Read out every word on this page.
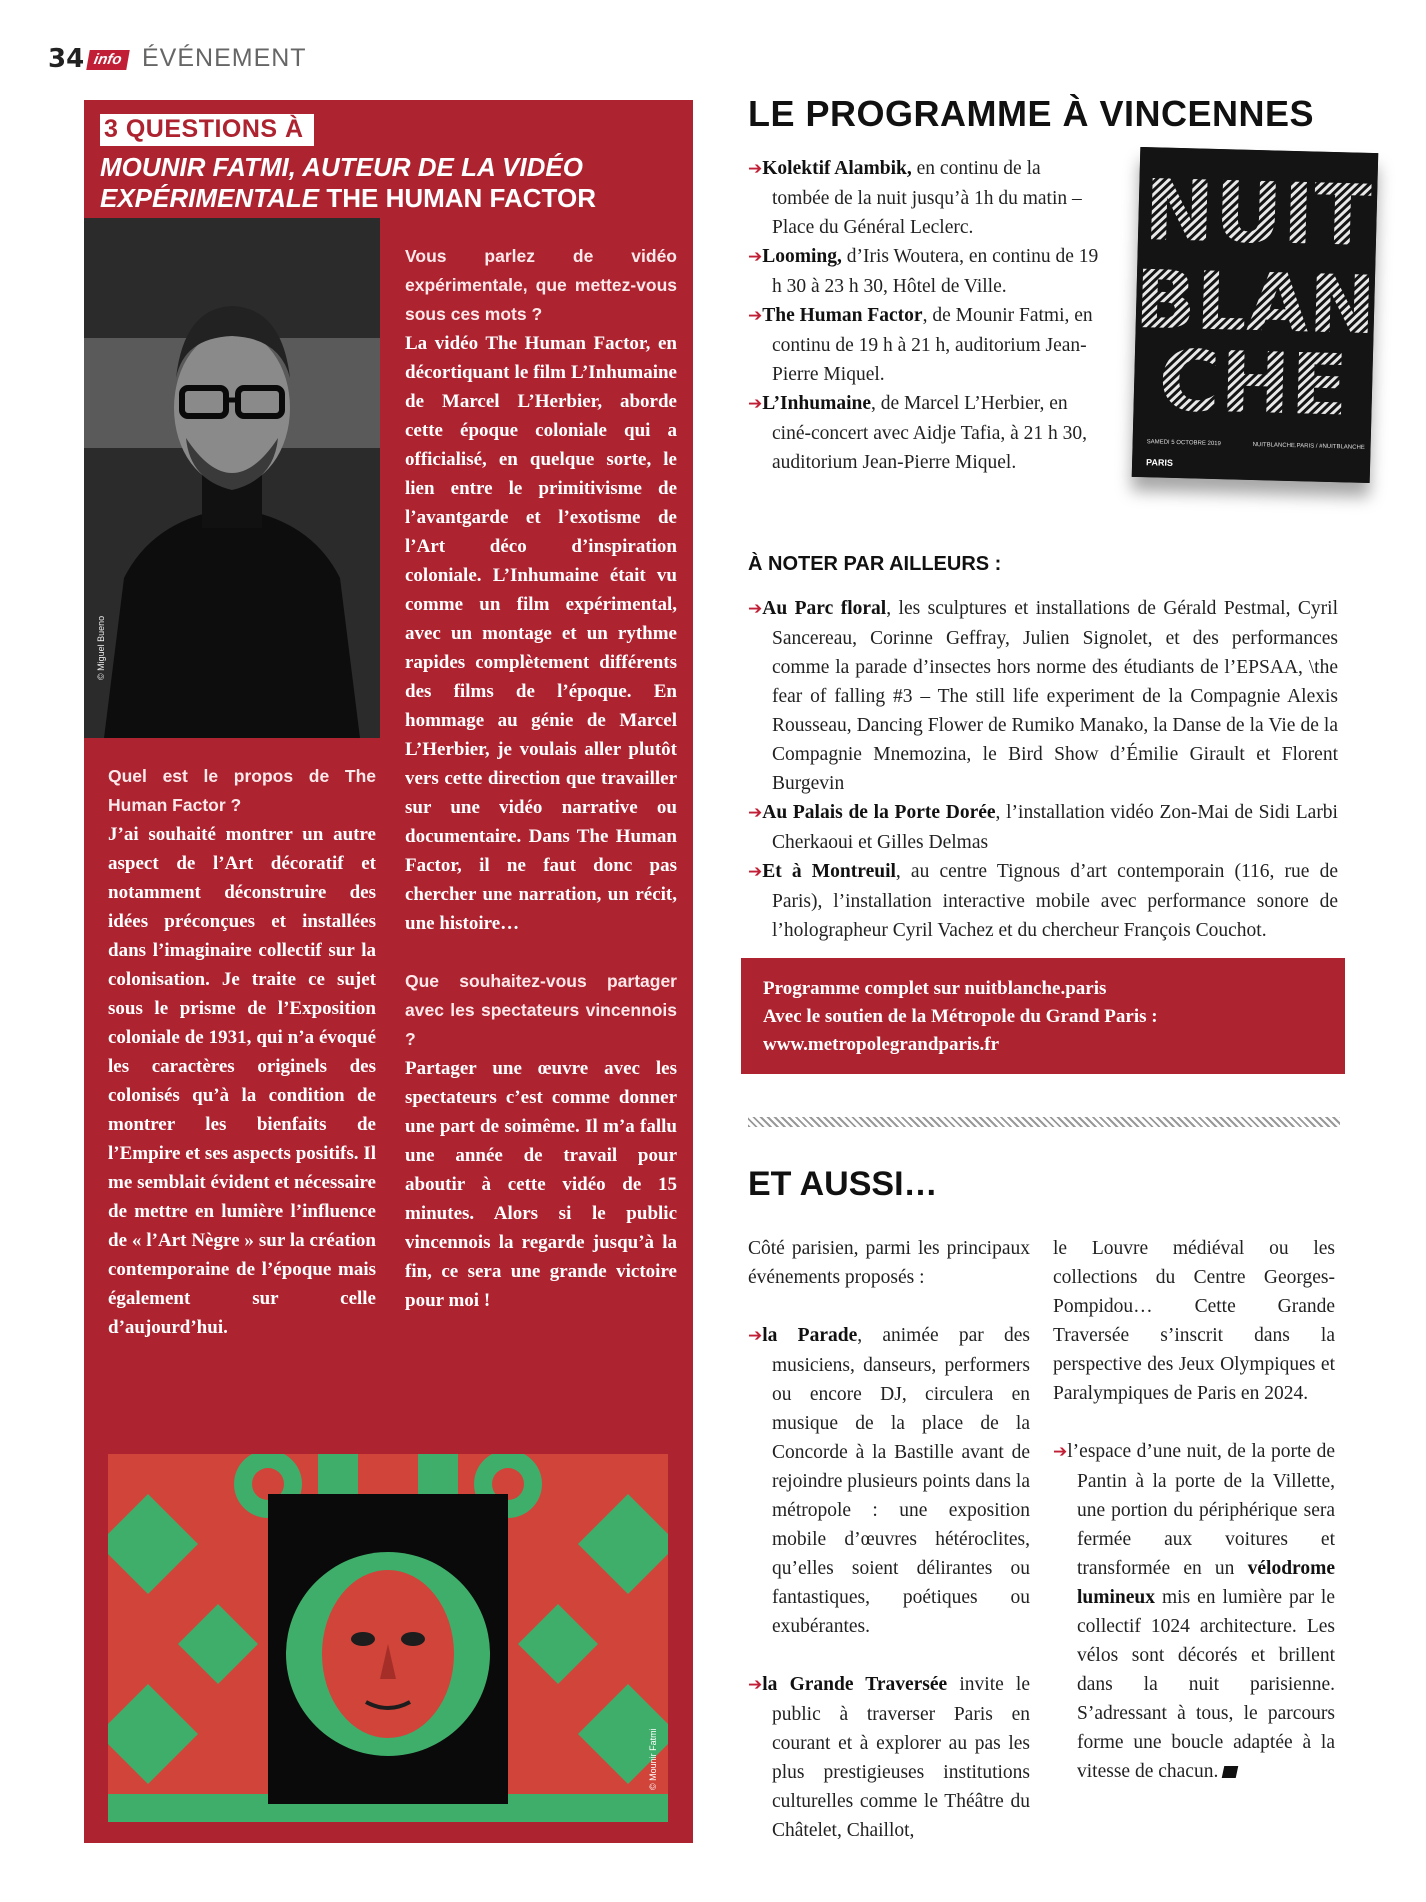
34 info ÉVÉNEMENT
3 QUESTIONS À
MOUNIR FATMI, AUTEUR DE LA VIDÉO EXPÉRIMENTALE THE HUMAN FACTOR
© Miguel Bueno

Quel est le propos de The Human Factor ?

J’ai souhaité montrer un autre aspect de l’Art décoratif et notamment déconstruire des idées préconçues et installées dans l’imaginaire collectif sur la colonisation. Je traite ce sujet sous le prisme de l’Exposition coloniale de 1931, qui n’a évoqué les caractères originels des colonisés qu’à la condition de montrer les bienfaits de l’Empire et ses aspects positifs. Il me semblait évident et nécessaire de mettre en lumière l’influence de « l’Art Nègre » sur la création contemporaine de l’époque mais également sur celle d’aujourd’hui.

Vous parlez de vidéo expérimentale, que mettez-vous sous ces mots ?

La vidéo The Human Factor, en décortiquant le film L’Inhumaine de Marcel L’Herbier, aborde cette époque coloniale qui a officialisé, en quelque sorte, le lien entre le primitivisme de l’avantgarde et l’exotisme de l’Art déco d’inspiration coloniale. L’Inhumaine était vu comme un film expérimental, avec un montage et un rythme rapides complètement différents des films de l’époque. En hommage au génie de Marcel L’Herbier, je voulais aller plutôt vers cette direction que travailler sur une vidéo narrative ou documentaire. Dans The Human Factor, il ne faut donc pas chercher une narration, un récit, une histoire…

Que souhaitez-vous partager avec les spectateurs vincennois ?

Partager une œuvre avec les spectateurs c’est comme donner une part de soimême. Il m’a fallu une année de travail pour aboutir à cette vidéo de 15 minutes. Alors si le public vincennois la regarde jusqu’à la fin, ce sera une grande victoire pour moi !

© Mounir Fatmi
LE PROGRAMME À VINCENNES
➔Kolektif Alambik, en continu de la tombée de la nuit jusqu’à 1h du matin – Place du Général Leclerc.
➔Looming, d’Iris Woutera, en continu de 19 h 30 à 23 h 30, Hôtel de Ville.
➔The Human Factor, de Mounir Fatmi, en continu de 19 h à 21 h, auditorium Jean-Pierre Miquel.
➔L’Inhumaine, de Marcel L’Herbier, en ciné-concert avec Aidje Tafia, à 21 h 30, auditorium Jean-Pierre Miquel.
NUIT
BLAN
CHE
SAMEDI 5 OCTOBRE 2019	NUITBLANCHE.PARIS / #NUITBLANCHE
PARIS
À NOTER PAR AILLEURS :
➔Au Parc floral, les sculptures et installations de Gérald Pestmal, Cyril Sancereau, Corinne Geffray, Julien Signolet, et des performances comme la parade d’insectes hors norme des étudiants de l’EPSAA, \the fear of falling #3 – The still life experiment de la Compagnie Alexis Rousseau, Dancing Flower de Rumiko Manako, la Danse de la Vie de la Compagnie Mnemozina, le Bird Show d’Émilie Girault et Florent Burgevin
➔Au Palais de la Porte Dorée, l’installation vidéo Zon-Mai de Sidi Larbi Cherkaoui et Gilles Delmas
➔Et à Montreuil, au centre Tignous d’art contemporain (116, rue de Paris), l’installation interactive mobile avec performance sonore de l’holographeur Cyril Vachez et du chercheur François Couchot.
Programme complet sur nuitblanche.paris
Avec le soutien de la Métropole du Grand Paris :
www.metropolegrandparis.fr
ET AUSSI…

Côté parisien, parmi les principaux événements proposés :

➔la Parade, animée par des musiciens, danseurs, performers ou encore DJ, circulera en musique de la place de la Concorde à la Bastille avant de rejoindre plusieurs points dans la métropole : une exposition mobile d’œuvres hétéroclites, qu’elles soient délirantes ou fantastiques, poétiques ou exubérantes.

➔la Grande Traversée invite le public à traverser Paris en courant et à explorer au pas les plus prestigieuses institutions culturelles comme le Théâtre du Châtelet, Chaillot,

le Louvre médiéval ou les collections du Centre Georges-Pompidou… Cette Grande Traversée s’inscrit dans la perspective des Jeux Olympiques et Paralympiques de Paris en 2024.

➔l’espace d’une nuit, de la porte de Pantin à la porte de la Villette, une portion du périphérique sera fermée aux voitures et transformée en un vélodrome lumineux mis en lumière par le collectif 1024 architecture. Les vélos sont décorés et brillent dans la nuit parisienne. S’adressant à tous, le parcours forme une boucle adaptée à la vitesse de chacun.
